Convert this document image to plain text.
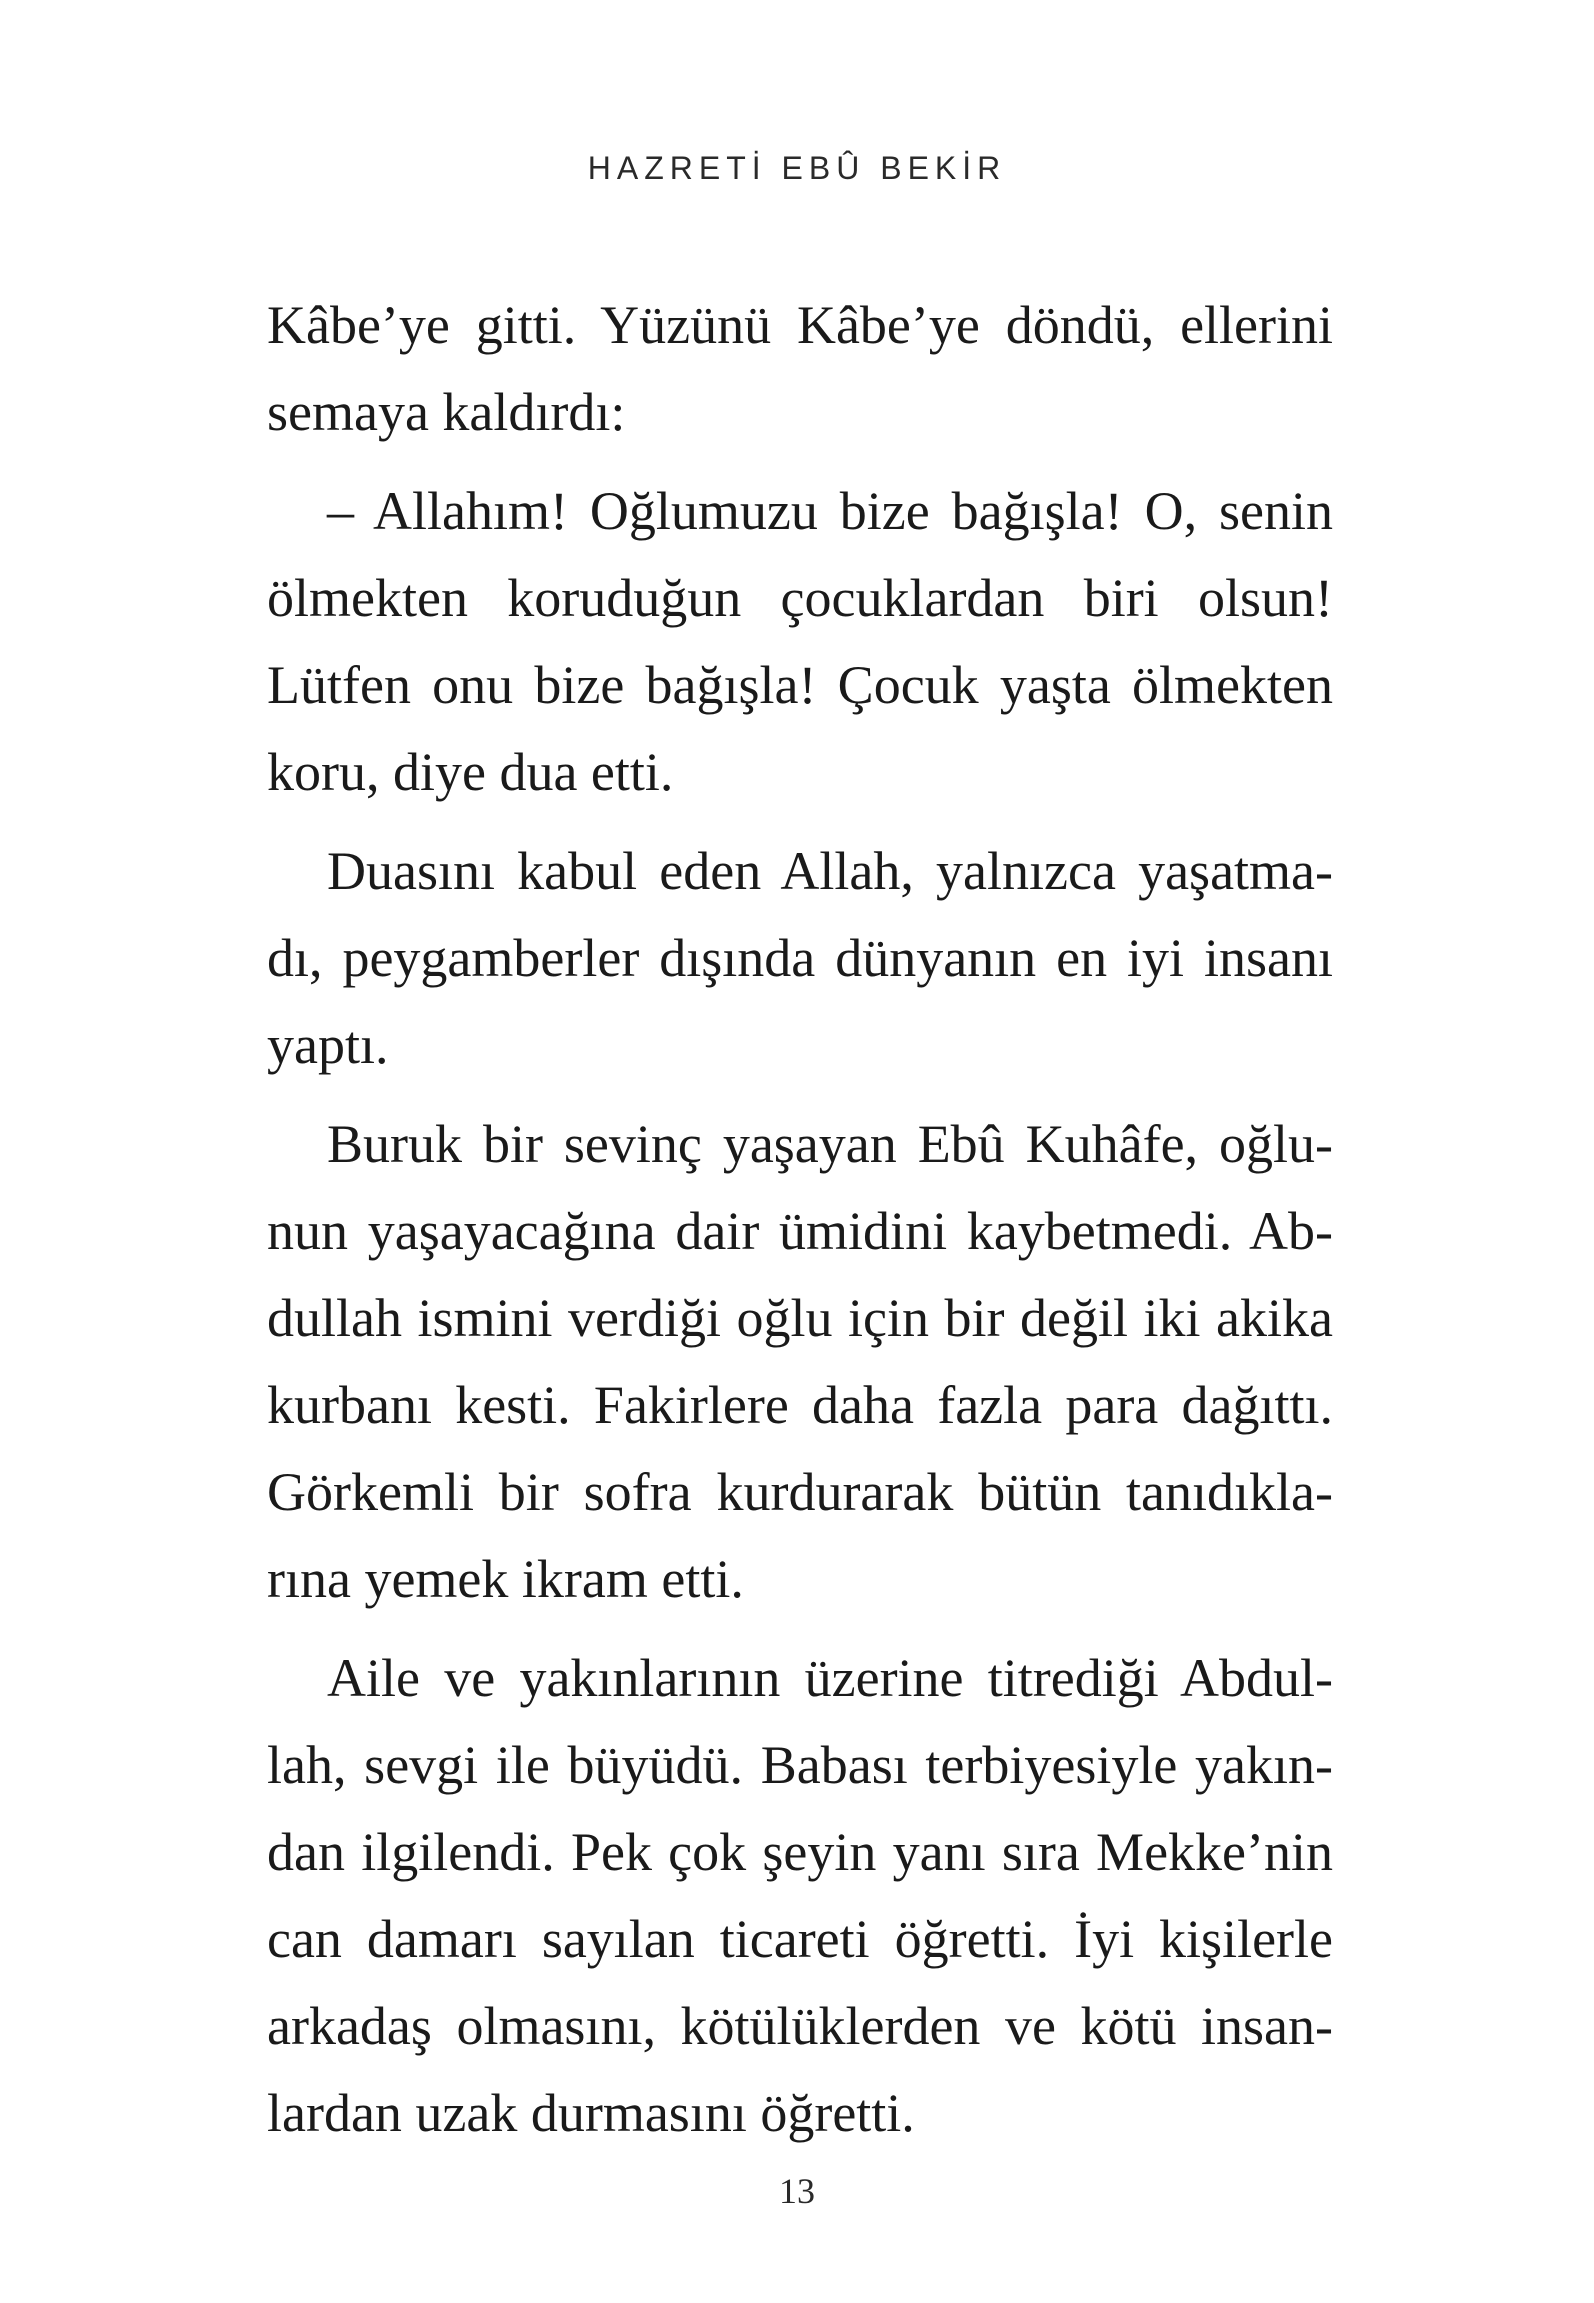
HAZRETİ EBÛ BEKİR
Kâbe’ye gitti. Yüzünü Kâbe’ye döndü, ellerini
semaya kaldırdı:
– Allahım! Oğlumuzu bize bağışla! O, senin
ölmekten koruduğun çocuklardan biri olsun!
Lütfen onu bize bağışla! Çocuk yaşta ölmekten
koru, diye dua etti.
Duasını kabul eden Allah, yalnızca yaşatma-
dı, peygamberler dışında dünyanın en iyi insanı
yaptı.
Buruk bir sevinç yaşayan Ebû Kuhâfe, oğlu-
nun yaşayacağına dair ümidini kaybetmedi. Ab-
dullah ismini verdiği oğlu için bir değil iki akika
kurbanı kesti. Fakirlere daha fazla para dağıttı.
Görkemli bir sofra kurdurarak bütün tanıdıkla-
rına yemek ikram etti.
Aile ve yakınlarının üzerine titrediği Abdul-
lah, sevgi ile büyüdü. Babası terbiyesiyle yakın-
dan ilgilendi. Pek çok şeyin yanı sıra Mekke’nin
can damarı sayılan ticareti öğretti. İyi kişilerle
arkadaş olmasını, kötülüklerden ve kötü insan-
lardan uzak durmasını öğretti.
13
